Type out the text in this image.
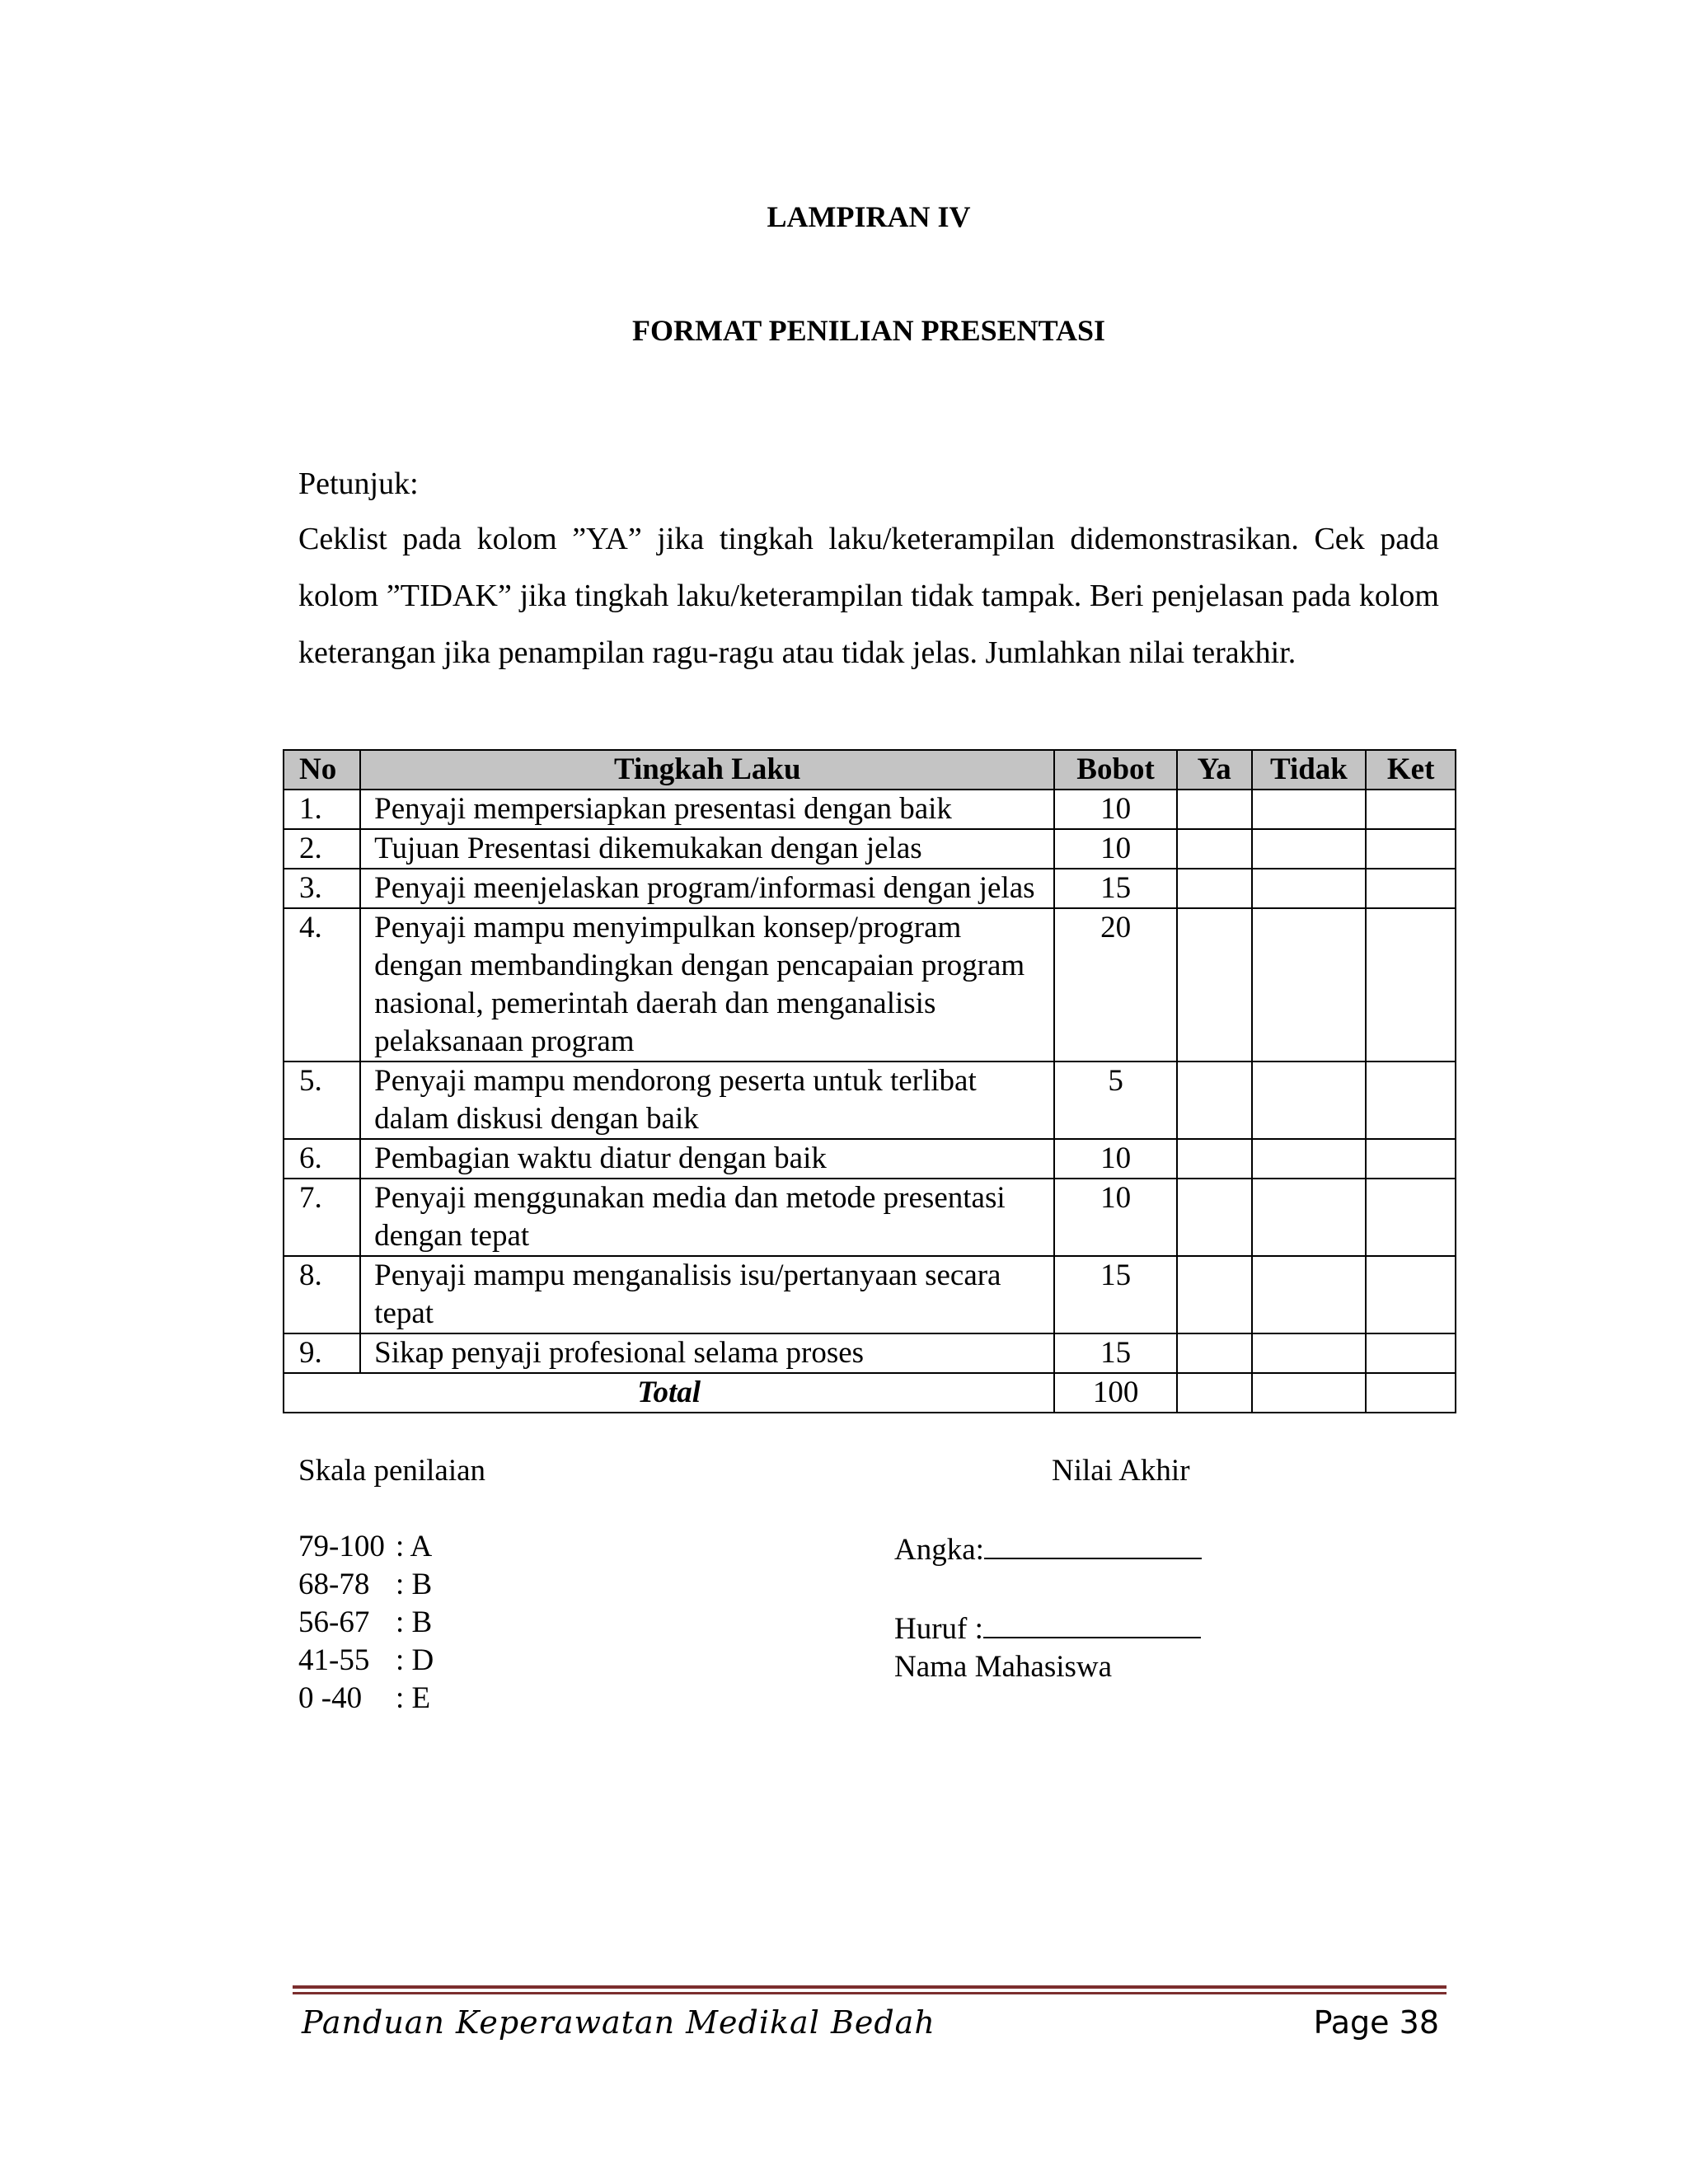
LAMPIRAN IV
FORMAT PENILIAN PRESENTASI
Petunjuk:

Ceklist pada kolom ”YA” jika tingkah laku/keterampilan didemonstrasikan. Cek pada kolom ”TIDAK” jika tingkah laku/keterampilan tidak tampak. Beri penjelasan pada kolom keterangan jika penampilan ragu-ragu atau tidak jelas. Jumlahkan nilai terakhir.

No	Tingkah Laku	Bobot	Ya	Tidak	Ket
1.	Penyaji mempersiapkan presentasi dengan baik	10			
2.	Tujuan Presentasi dikemukakan dengan jelas	10			
3.	Penyaji meenjelaskan program/informasi dengan jelas	15			
4.	Penyaji mampu menyimpulkan konsep/program dengan membandingkan dengan pencapaian program nasional, pemerintah daerah dan menganalisis pelaksanaan program	20			
5.	Penyaji mampu mendorong peserta untuk terlibat dalam diskusi dengan baik	5			
6.	Pembagian waktu diatur dengan baik	10			
7.	Penyaji menggunakan media dan metode presentasi dengan tepat	10			
8.	Penyaji mampu menganalisis isu/pertanyaan secara tepat	15			
9.	Sikap penyaji profesional selama proses	15			
Total		100			
Skala penilaian	Nilai Akhir
79-100 : A
68-78 : B
56-67 : B
41-55 : D
0 -40	: E
Angka:

Huruf :
Nama Mahasiswa
Panduan Keperawatan Medikal Bedah	Page 38
